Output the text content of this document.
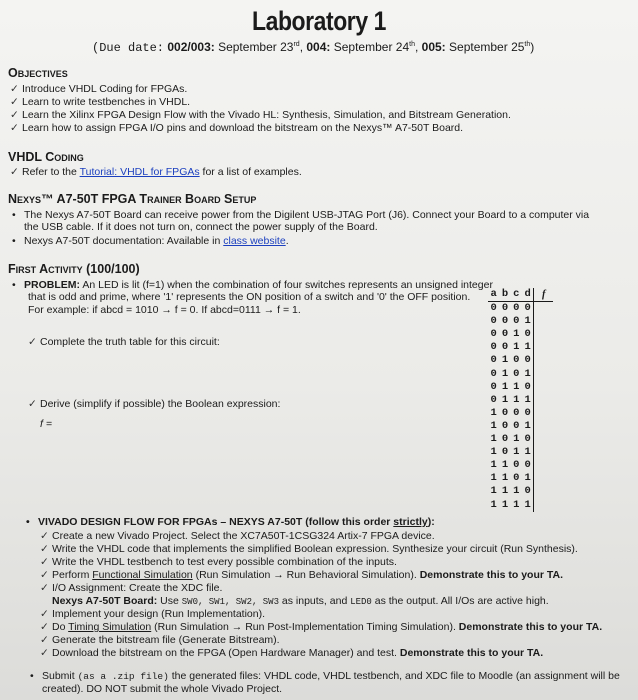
Laboratory 1
(Due date: 002/003: September 23rd, 004: September 24th, 005: September 25th)
Objectives
✓ Introduce VHDL Coding for FPGAs.
✓ Learn to write testbenches in VHDL.
✓ Learn the Xilinx FPGA Design Flow with the Vivado HL: Synthesis, Simulation, and Bitstream Generation.
✓ Learn how to assign FPGA I/O pins and download the bitstream on the Nexys™ A7-50T Board.
VHDL Coding
✓ Refer to the Tutorial: VHDL for FPGAs for a list of examples.
Nexys™ A7-50T FPGA Trainer Board Setup
• The Nexys A7-50T Board can receive power from the Digilent USB-JTAG Port (J6). Connect your Board to a computer via
the USB cable. If it does not turn on, connect the power supply of the Board.
• Nexys A7-50T documentation: Available in class website.
First Activity (100/100)
• PROBLEM: An LED is lit (f=1) when the combination of four switches represents an unsigned integer
that is odd and prime, where '1' represents the ON position of a switch and '0' the OFF position.
For example: if abcd = 1010 → f = 0. If abcd=0111 → f = 1.
✓ Complete the truth table for this circuit:
✓ Derive (simplify if possible) the Boolean expression:
f =
a	b	c	d	f
0	0	0	0	
0	0	0	1	
0	0	1	0	
0	0	1	1	
0	1	0	0	
0	1	0	1	
0	1	1	0	
0	1	1	1	
1	0	0	0	
1	0	0	1	
1	0	1	0	
1	0	1	1	
1	1	0	0	
1	1	0	1	
1	1	1	0	
1	1	1	1	
• VIVADO DESIGN FLOW FOR FPGAs – NEXYS A7-50T (follow this order strictly):
✓ Create a new Vivado Project. Select the XC7A50T-1CSG324 Artix-7 FPGA device.
✓ Write the VHDL code that implements the simplified Boolean expression. Synthesize your circuit (Run Synthesis).
✓ Write the VHDL testbench to test every possible combination of the inputs.
✓ Perform Functional Simulation (Run Simulation → Run Behavioral Simulation). Demonstrate this to your TA.
✓ I/O Assignment: Create the XDC file.
Nexys A7-50T Board: Use SW0, SW1, SW2, SW3 as inputs, and LED0 as the output. All I/Os are active high.
✓ Implement your design (Run Implementation).
✓ Do Timing Simulation (Run Simulation → Run Post-Implementation Timing Simulation). Demonstrate this to your TA.
✓ Generate the bitstream file (Generate Bitstream).
✓ Download the bitstream on the FPGA (Open Hardware Manager) and test. Demonstrate this to your TA.
• Submit (as a .zip file) the generated files: VHDL code, VHDL testbench, and XDC file to Moodle (an assignment will be
created). DO NOT submit the whole Vivado Project.
